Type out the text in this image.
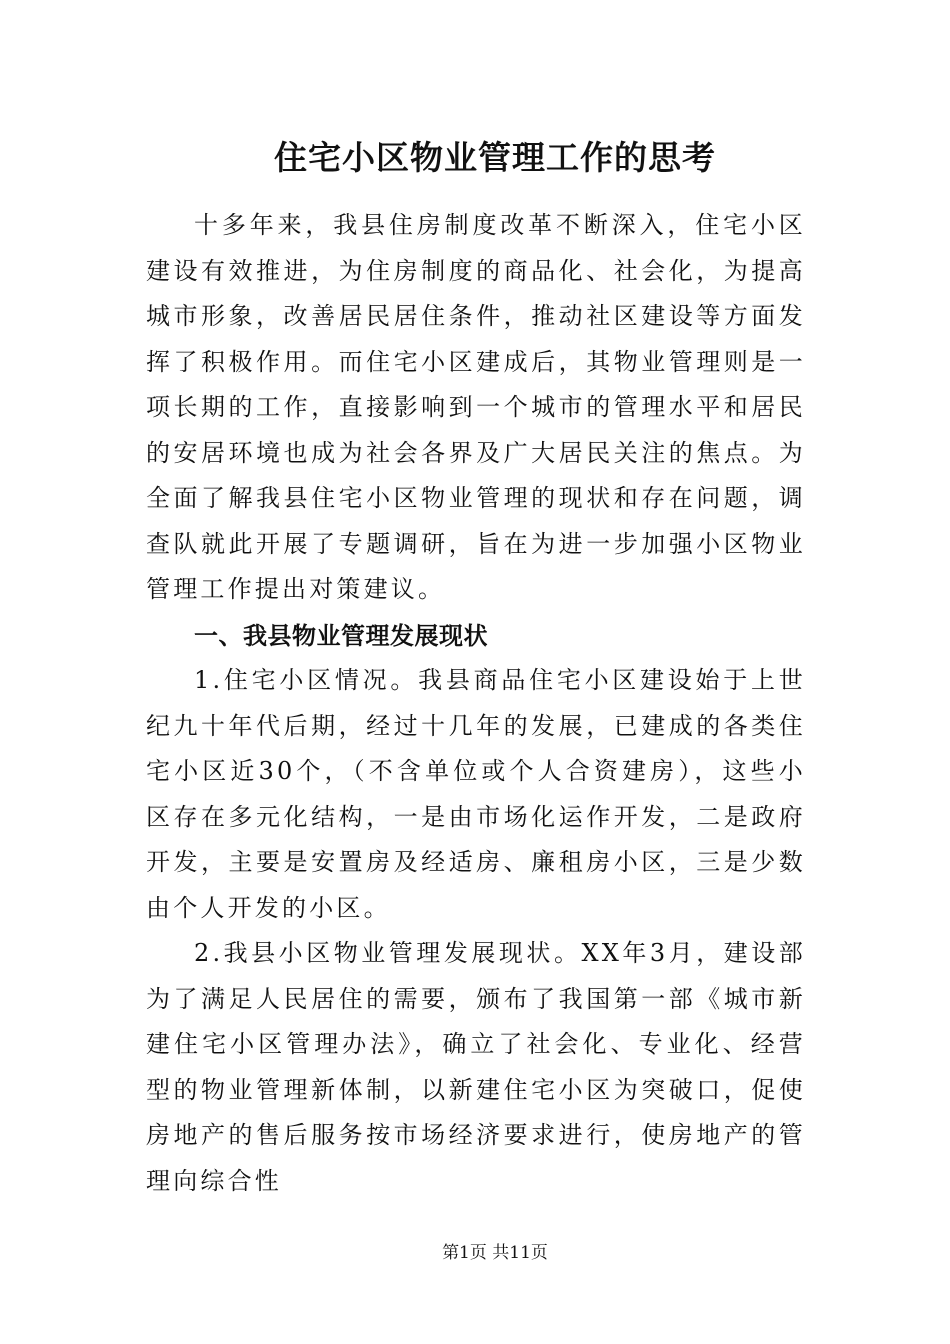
住宅小区物业管理工作的思考

十多年来，我县住房制度改革不断深入，住宅小区建设有效推进，为住房制度的商品化、社会化，为提高城市形象，改善居民居住条件，推动社区建设等方面发挥了积极作用。而住宅小区建成后，其物业管理则是一项长期的工作，直接影响到一个城市的管理水平和居民的安居环境也成为社会各界及广大居民关注的焦点。为全面了解我县住宅小区物业管理的现状和存在问题，调查队就此开展了专题调研，旨在为进一步加强小区物业管理工作提出对策建议。

一、我县物业管理发展现状

1.住宅小区情况。我县商品住宅小区建设始于上世纪九十年代后期，经过十几年的发展，已建成的各类住宅小区近30个，（不含单位或个人合资建房），这些小区存在多元化结构，一是由市场化运作开发，二是政府开发，主要是安置房及经适房、廉租房小区，三是少数由个人开发的小区。

2.我县小区物业管理发展现状。XX年3月，建设部为了满足人民居住的需要，颁布了我国第一部《城市新建住宅小区管理办法》，确立了社会化、专业化、经营型的物业管理新体制，以新建住宅小区为突破口，促使房地产的售后服务按市场经济要求进行，使房地产的管理向综合性

第1页 共11页
